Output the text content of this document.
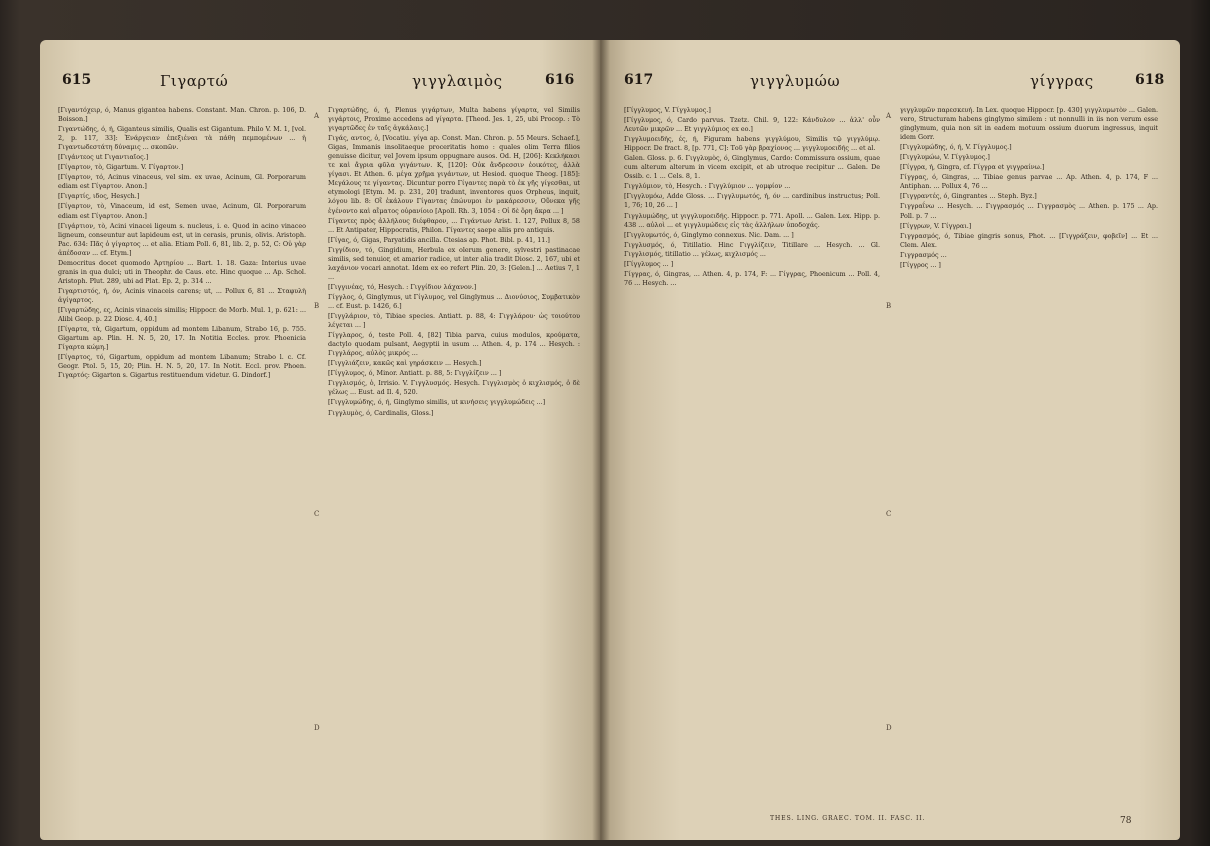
615	Γιγαρτώ	γιγγλαιμὸς	616

[Γιγαντόχειρ, ό, Manus gigantea habens. Constant. Man. Chron. p. 106, D. Boisson.]

Γιγαντώδης, ό, ή, Giganteus similis, Qualis est Gigantum. Philo V. M. 1, [vol. 2, p. 117, 33]: Ἐνάργειαν ἐπεξιέναι τὰ πάθη πεμπομένων ... ἡ Γιγαντωδεστάτη δύναμις ... σκοπῶν.

[Γιγάντεος ut Γιγαντιαῖος.]

[Γίγαρτον, τὸ, Gigartum. V. Γίγαρτον.]

[Γίγαρτον, τό, Acinus vinaceus, vel sim. ex uvae, Acinum, Gl. Porporarum ediam est Γίγαρτον. Anon.]

[Γιγαρτίς, ιδος, Hesych.]

[Γίγαρτον, τὸ, Vinaceum, id est, Semen uvae, Acinum, Gl. Porporarum ediam est Γίγαρτον. Anon.]

[Γιγάρτιον, τὸ, Acini vinacei ligeum s. nucleus, i. e. Quod in acino vinaceo ligneum, conseuntur aut lapideum est, ut in cerasis, prunis, olivis. Aristoph. Pac. 634: Πᾶς ὁ γίγαρτος ... et alia. Etiam Poll. 6, 81, lib. 2, p. 52, C: Οὐ γὰρ ἀπέδοσαν ... cf. Etym.]

Democritus docet quomodo Ἀρτηρίου ... Bart. 1. 18. Gaza: Interius uvae granis in qua dulci; uti in Theophr. de Caus. etc. Hinc quoque ... Ap. Schol. Aristoph. Plut. 289, ubi ad Plat. Ep. 2, p. 314 ...

Γιγαρτιστός, ή, όν, Acinis vinaceis carens; ut, ... Pollux 6, 81 ... Σταφυλὴ ἀγίγαρτος.

[Γιγαρτώδης, ες, Acinis vinaceis similis; Hippocr. de Morb. Mul. 1, p. 621: ... Alibi Geop. p. 22 Diosc. 4, 40.]

[Γίγαρτα, τὰ, Gigartum, oppidum ad montem Libanum, Strabo 16, p. 755. Gigartum ap. Plin. H. N. 5, 20, 17. In Notitia Eccles. prov. Phoenicia Γίγαρτα κώμη.]

[Γίγαρτος, τό, Gigartum, oppidum ad montem Libanum; Strabo l. c. Cf. Geogr. Ptol. 5, 15, 20; Plin. H. N. 5, 20, 17. In Notit. Eccl. prov. Phoen. Γιγαρτός: Gigarton s. Gigartus restituendum videtur. G. Dindorf.]

A
B
C
D

Γιγαρτώδης, ό, ή, Plenus γιγάρτων, Multa habens γίγαρτα, vel Similis γιγάρτοις, Proxime accedens ad γίγαρτα. [Theod. Jes. 1, 25, ubi Procop. : Τὸ γιγαρτῶδες ἐν ταῖς ἀγκάλαις.]

Γιγάς, αντος, ὁ, [Vocatiu. γίγα ap. Const. Man. Chron. p. 55 Meurs. Schaef.], Gigas, Immanis insolitaeque proceritatis homo : quales olim Terra filios genuisse dicitur, vel Jovem ipsum oppugnare ausos. Od. H, [206]: Κεκλήκασι τε καὶ ἄγρια φῦλα γιγάντων. K, [120]: Οὐκ ἄνδρεσσιν ἐοικότες, ἀλλὰ γίγασι. Et Athen. 6. μέγα χρῆμα γιγάντων, ut Hesiod. quoque Theog. [185]: Μεγάλους τε γίγαντας. Dicuntur porro Γίγαντες παρὰ τὸ ἐκ γῆς γίγεσθαι, ut etymologi [Etym. M. p. 231, 20] tradunt, inventores quos Orpheus, inquit, λόγου lib. 8: Οἳ ἐκάλουν Γίγαντας ἐπώνυμοι ἐν μακάρεσσιν, Οὕνεκα γῆς ἐγένοντο καὶ αἵματος οὐρανίοιο [Apoll. Rh. 3, 1054 : Οἱ δὲ ὅρη ἄκρα ... ]

Γίγαντες πρὸς ἀλλήλους διέφθαρον, ... Γιγάντων Arist. 1. 127, Pollux 8, 58 ... Et Antipater, Hippocratis, Philon. Γίγαντες saepe aliis pro antiquis.

[Γίγας, ό, Gigas, Paryatidis ancilla. Ctesias ap. Phot. Bibl. p. 41, 11.]

Γιγγίδιον, τό, Gingidium, Herbula ex olerum genere, sylvestri pastinacae similis, sed tenuior, et amarior radice, ut inter alia tradit Diosc. 2, 167, ubi et λαχάνιον vocari annotat. Idem ex eo refert Plin. 20, 3: [Gelen.] ... Aetius 7, 1 ...

[Γιγγινέας, τό, Hesych. : Γιγγίδιον λάχανον.]

Γίγγλος, ό, Ginglymus, ut Γίγλυμος, vel Ginglymus ... Διονύσιος, Συμβατικὸν ... cf. Eust. p. 1426, 6.]

[Γιγγλάριον, τὸ, Tibiae species. Antiatt. p. 88, 4: Γιγγλάρου· ὡς τοιούτου λέγεται ... ]

Γίγγλαρος, ό, teste Poll. 4, [82] Tibia parva, cuius modulos, κρούματα, dactylo quodam pulsant, Aegyptii in usum ... Athen. 4, p. 174 ... Hesych. : Γιγγλάρος, αὐλὸς μικρός ...

[Γιγγλιάζειν, κακῶς καὶ γηράσκειν ... Hesych.]

[Γίγγλυμος, ό, Minor. Antiatt. p. 88, 5: Γιγγλίζειν ... ]

Γιγγλισμός, ὁ, Irrisio. V. Γιγγλυσμός. Hesych. Γιγγλισμὸς ὁ κιχλισμός, ὁ δὲ γέλως ... Eust. ad Il. 4, 520.

[Γιγγλυμώδης, ό, ή, Ginglymo similis, ut κινήσεις γιγγλυμώδεις ...]

Γιγγλυμὸς, ό, Cardinalis, Gloss.]

617	γιγγλυμώω	γίγγρας	618

[Γίγγλυμος, V. Γίγγλυμος.]

[Γίγγλυμος, ό, Cardo parvus. Tzetz. Chil. 9, 122: Κάνδυλον ... ἀλλ' οὖν Λευτῶν μικρῶν ... Et γιγγλύμιος ex eo.]

Γιγγλυμοειδής, ές, ή, Figuram habens γιγγλύμου, Similis τῷ γιγγλύμῳ. Hippocr. De fract. 8, [p. 771, C]: Τοῦ γὰρ βραχίονος ... γιγγλυμοειδής ... et al.

Galen. Gloss. p. 6. Γιγγλυμὸς, ό, Ginglymus, Cardo: Commissura ossium, quae cum alterum alterum in vicem excipit, et ab utroque recipitur ... Galen. De Ossib. c. 1 ... Cels. 8, 1.

Γιγγλύμιον, τὸ, Hesych. : Γιγγλύμιον ... γομφίον ...

[Γιγγλυμόω, Adde Gloss. ... Γιγγλυμωτός, ή, όν ... cardinibus instructus; Poll. 1, 76; 10, 26 ... ]

Γιγγλυμώδης, ut γιγγλυμοειδής. Hippocr. p. 771. Apoll. ... Galen. Lex. Hipp. p. 438 ... αὐλοὶ ... et γιγγλυμώδεις εἰς τὰς ἀλλήλων ὑποδοχάς.

[Γιγγλυμωτός, ό, Ginglymo connexus. Nic. Dam. ... ]

Γιγγλυσμός, ό, Titillatio. Hinc Γιγγλίζειν, Titillare ... Hesych. ... Gl. Γιγγλισμός, titillatio ... γέλως, κιχλισμός ...

[Γίγγλυμος ... ]

Γίγγρας, ό, Gingras, ... Athen. 4, p. 174, F: ... Γίγγρας, Phoenicum ... Poll. 4, 76 ... Hesych. ...

A
B
C
D

γιγγλυμῶν παρεσκευή. In Lex. quoque Hippocr. [p. 430] γιγγλυμωτὸν ... Galen. vero, Structuram habens ginglymo similem : ut nonnulli in iis non verum esse ginglymum, quia non sit in eadem motuum ossium duorum ingressus, inquit idem Gorr.

[Γιγγλυμώδης, ό, ή, V. Γίγγλυμος.]

[Γιγγλυμώω, V. Γίγγλυμος.]

[Γίγγρα, ή, Gingra, cf. Γίγγρα et γιγγραίνω.]

Γίγγρας, ό, Gingras, ... Tibiae genus parvae ... Ap. Athen. 4, p. 174, F ... Antiphan. ... Pollux 4, 76 ...

[Γιγγραντές, ό, Gingrantes ... Steph. Byz.]

Γιγγραΐνω ... Hesych. ... Γιγγρασμός ... Γιγγρασμὸς ... Athen. p. 175 ... Ap. Poll. p. 7 ...

[Γίγγρων, V. Γίγγραι.]

Γιγγρασμός, ό, Tibiae gingris sonus, Phot. ... [Γιγγράζειν, φοβεῖν] ... Et ... Clem. Alex.

Γιγγρασμός ...

[Γίγγρος ... ]

THES. LING. GRAEC. TOM. II. FASC. II.	78
